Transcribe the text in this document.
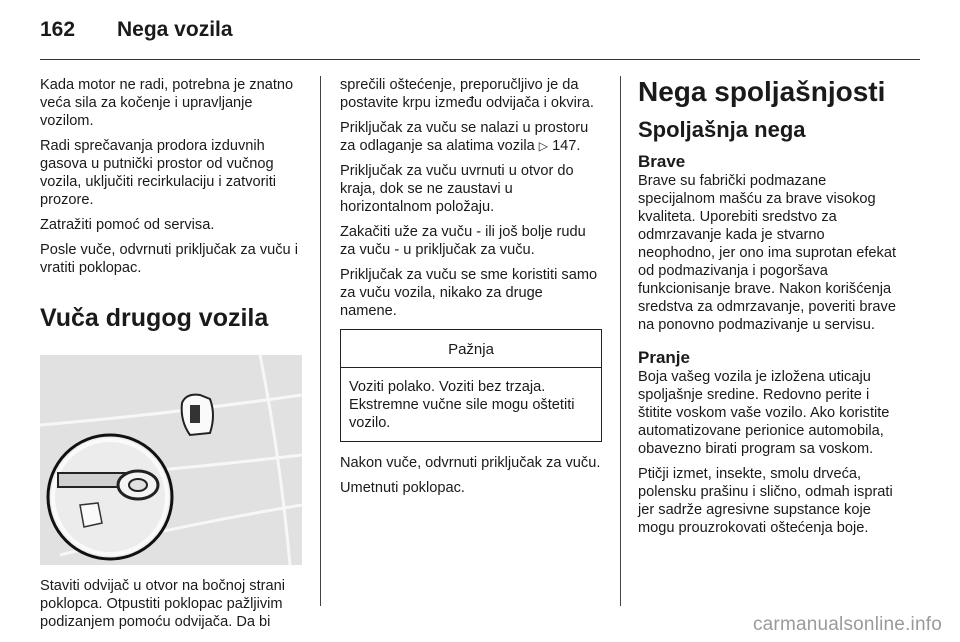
162	Nega vozila

Kada motor ne radi, potrebna je znatno veća sila za kočenje i upravljanje vozilom.

Radi sprečavanja prodora izduvnih gasova u putnički prostor od vučnog vozila, uključiti recirkulaciju i zatvoriti prozore.

Zatražiti pomoć od servisa.

Posle vuče, odvrnuti priključak za vuču i vratiti poklopac.

Vuča drugog vozila

Staviti odvijač u otvor na bočnoj strani poklopca. Otpustiti poklopac pažljivim podizanjem pomoću odvijača. Da bi

sprečili oštećenje, preporučljivo je da postavite krpu između odvijača i okvira.

Priključak za vuču se nalazi u prostoru za odlaganje sa alatima vozila ▷ 147.

Priključak za vuču uvrnuti u otvor do kraja, dok se ne zaustavi u horizontalnom položaju.

Zakačiti uže za vuču - ili još bolje rudu za vuču - u priključak za vuču.

Priključak za vuču se sme koristiti samo za vuču vozila, nikako za druge namene.

Pažnja
Voziti polako. Voziti bez trzaja. Ekstremne vučne sile mogu oštetiti vozilo.

Nakon vuče, odvrnuti priključak za vuču.

Umetnuti poklopac.

Nega spoljašnjosti
Spoljašnja nega
Brave

Brave su fabrički podmazane specijalnom mašću za brave visokog kvaliteta. Uporebiti sredstvo za odmrzavanje kada je stvarno neophodno, jer ono ima suprotan efekat od podmazivanja i pogoršava funkcionisanje brave. Nakon korišćenja sredstva za odmrzavanje, poveriti brave na ponovno podmazivanje u servisu.

Pranje

Boja vašeg vozila je izložena uticaju spoljašnje sredine. Redovno perite i štitite voskom vaše vozilo. Ako koristite automatizovane perionice automobila, obavezno birati program sa voskom.

Ptičji izmet, insekte, smolu drveća, polensku prašinu i slično, odmah isprati jer sadrže agresivne supstance koje mogu prouzrokovati oštećenja boje.

carmanualsonline.info
